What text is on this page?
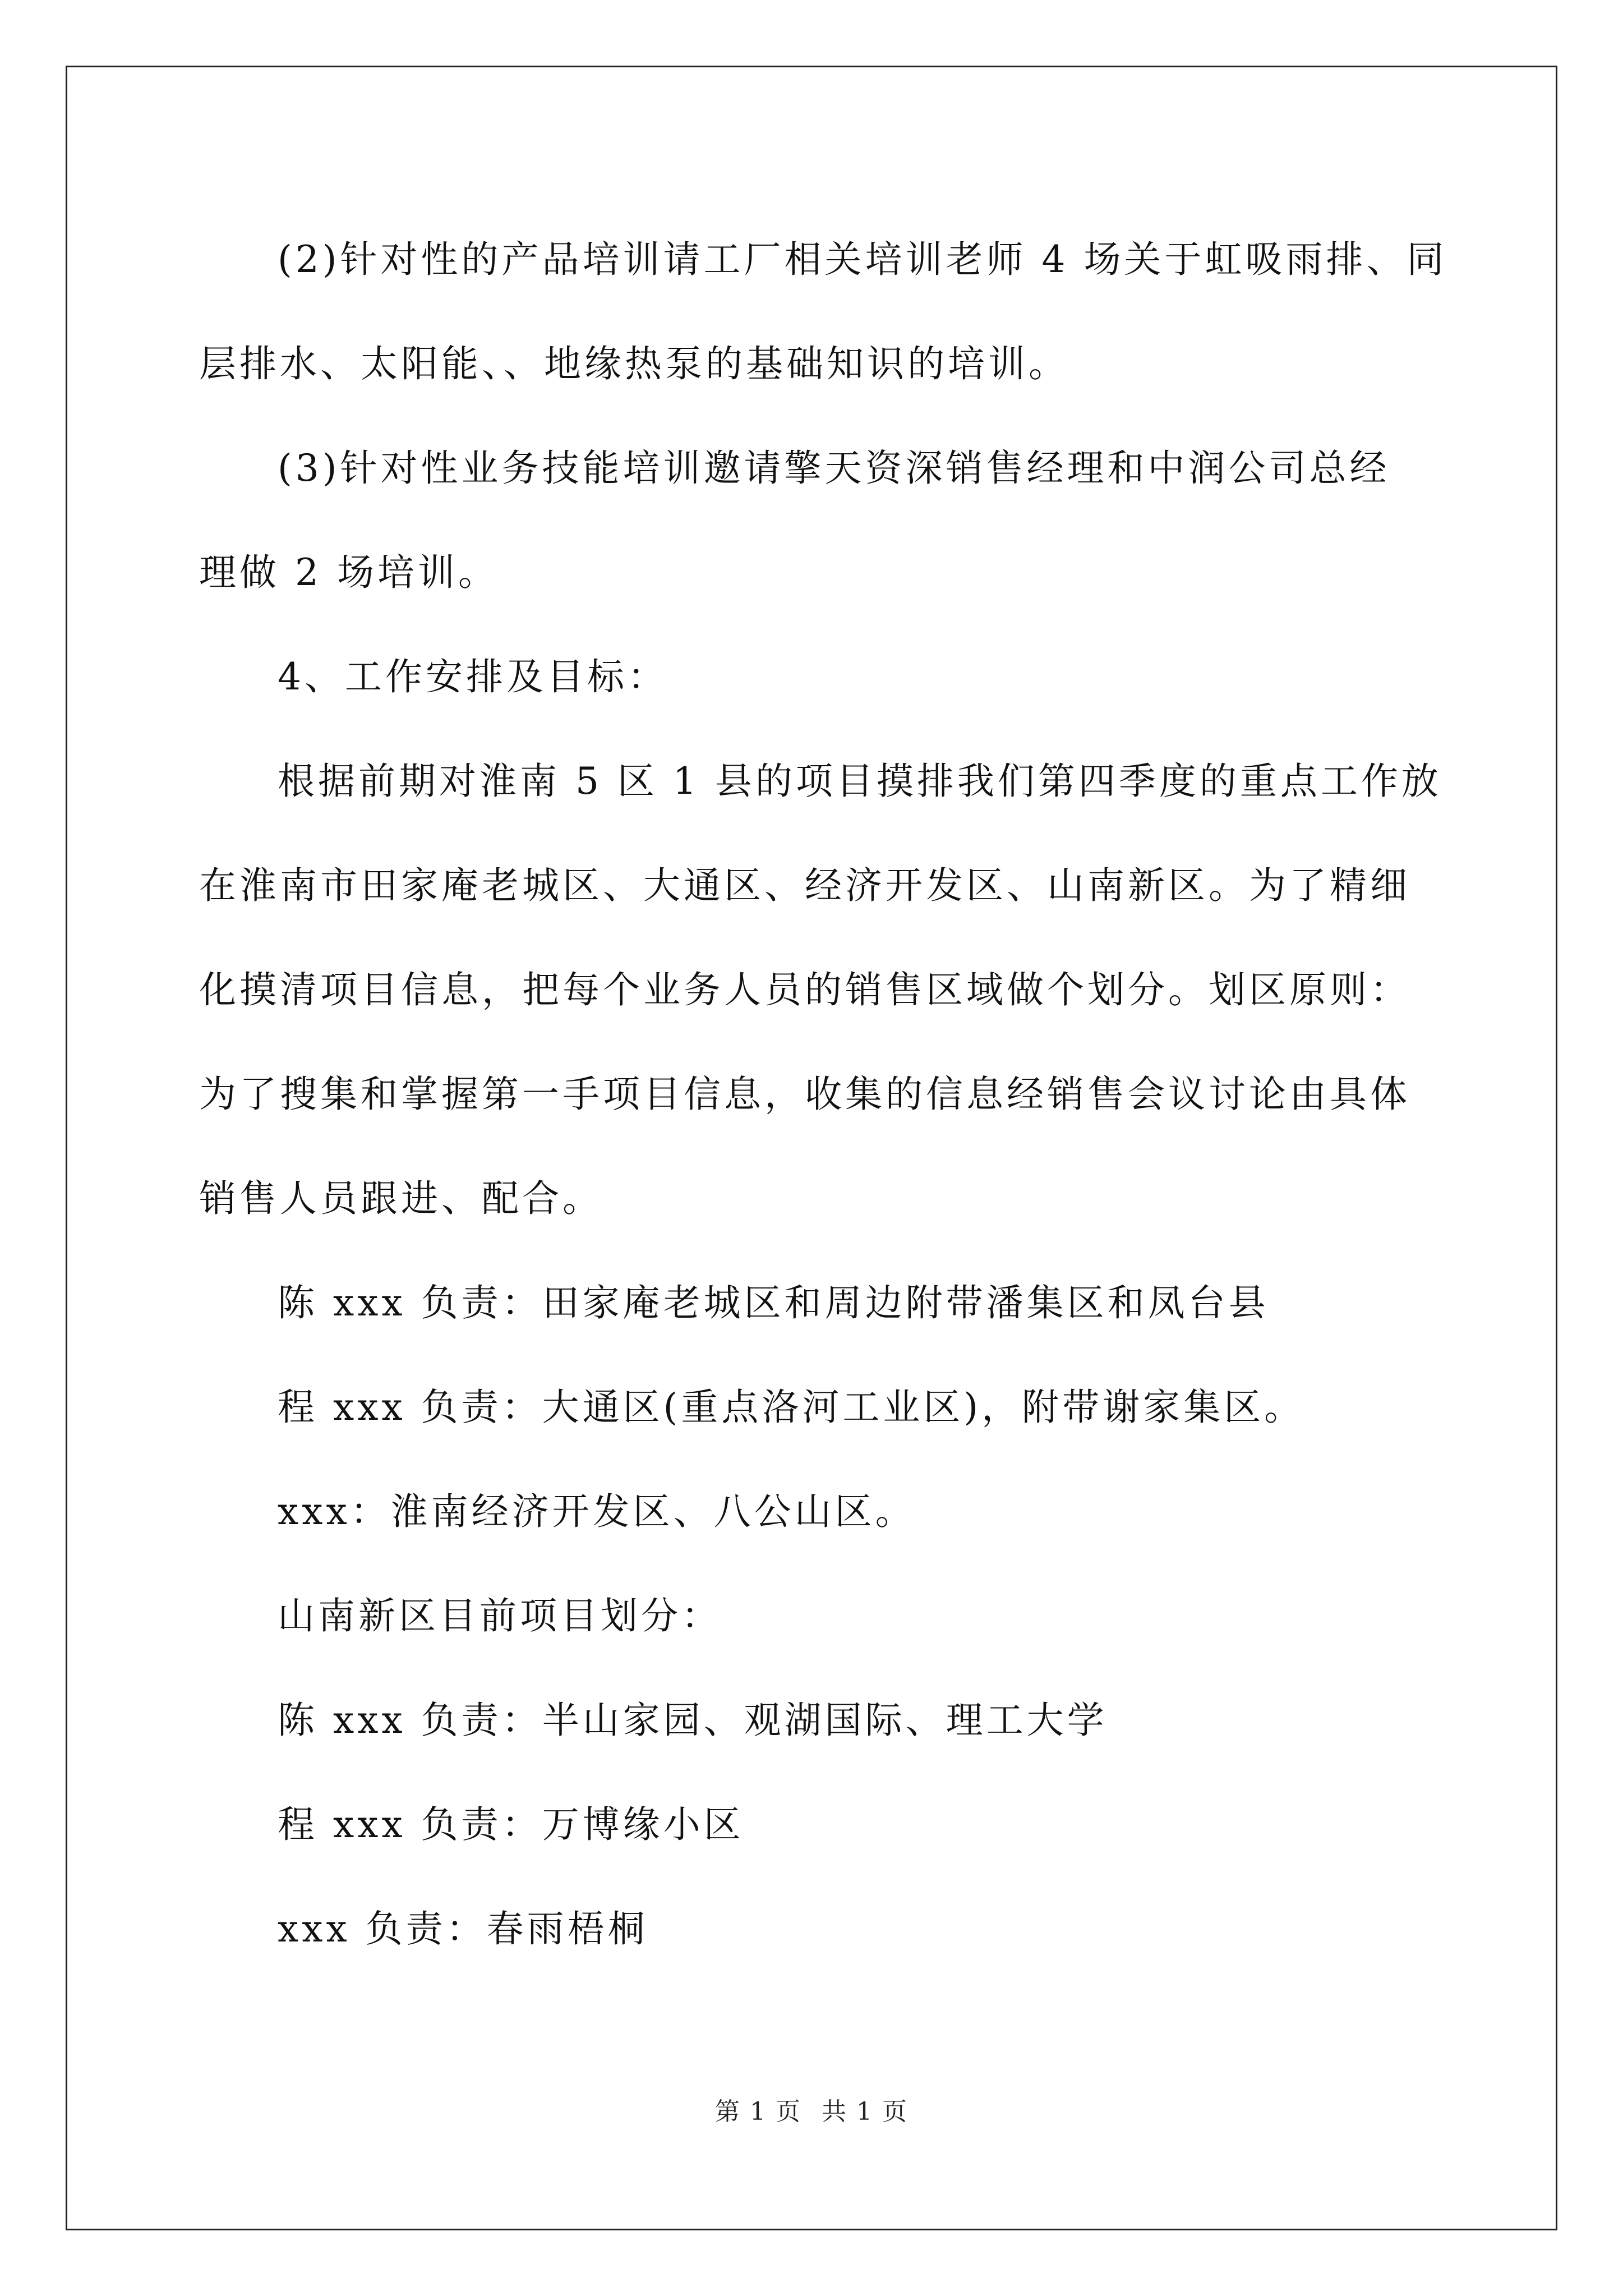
(2)针对性的产品培训请工厂相关培训老师 4 场关于虹吸雨排、同
层排水、太阳能、、地缘热泵的基础知识的培训。
(3)针对性业务技能培训邀请擎天资深销售经理和中润公司总经
理做 2 场培训。
4、工作安排及目标：
根据前期对淮南 5 区 1 县的项目摸排我们第四季度的重点工作放
在淮南市田家庵老城区、大通区、经济开发区、山南新区。为了精细
化摸清项目信息，把每个业务人员的销售区域做个划分。划区原则：
为了搜集和掌握第一手项目信息，收集的信息经销售会议讨论由具体
销售人员跟进、配合。
陈 xxx 负责：田家庵老城区和周边附带潘集区和凤台县
程 xxx 负责：大通区(重点洛河工业区)，附带谢家集区。
xxx：淮南经济开发区、八公山区。
山南新区目前项目划分：
陈 xxx 负责：半山家园、观湖国际、理工大学
程 xxx 负责：万博缘小区
xxx 负责：春雨梧桐
第 1 页 共 1 页
